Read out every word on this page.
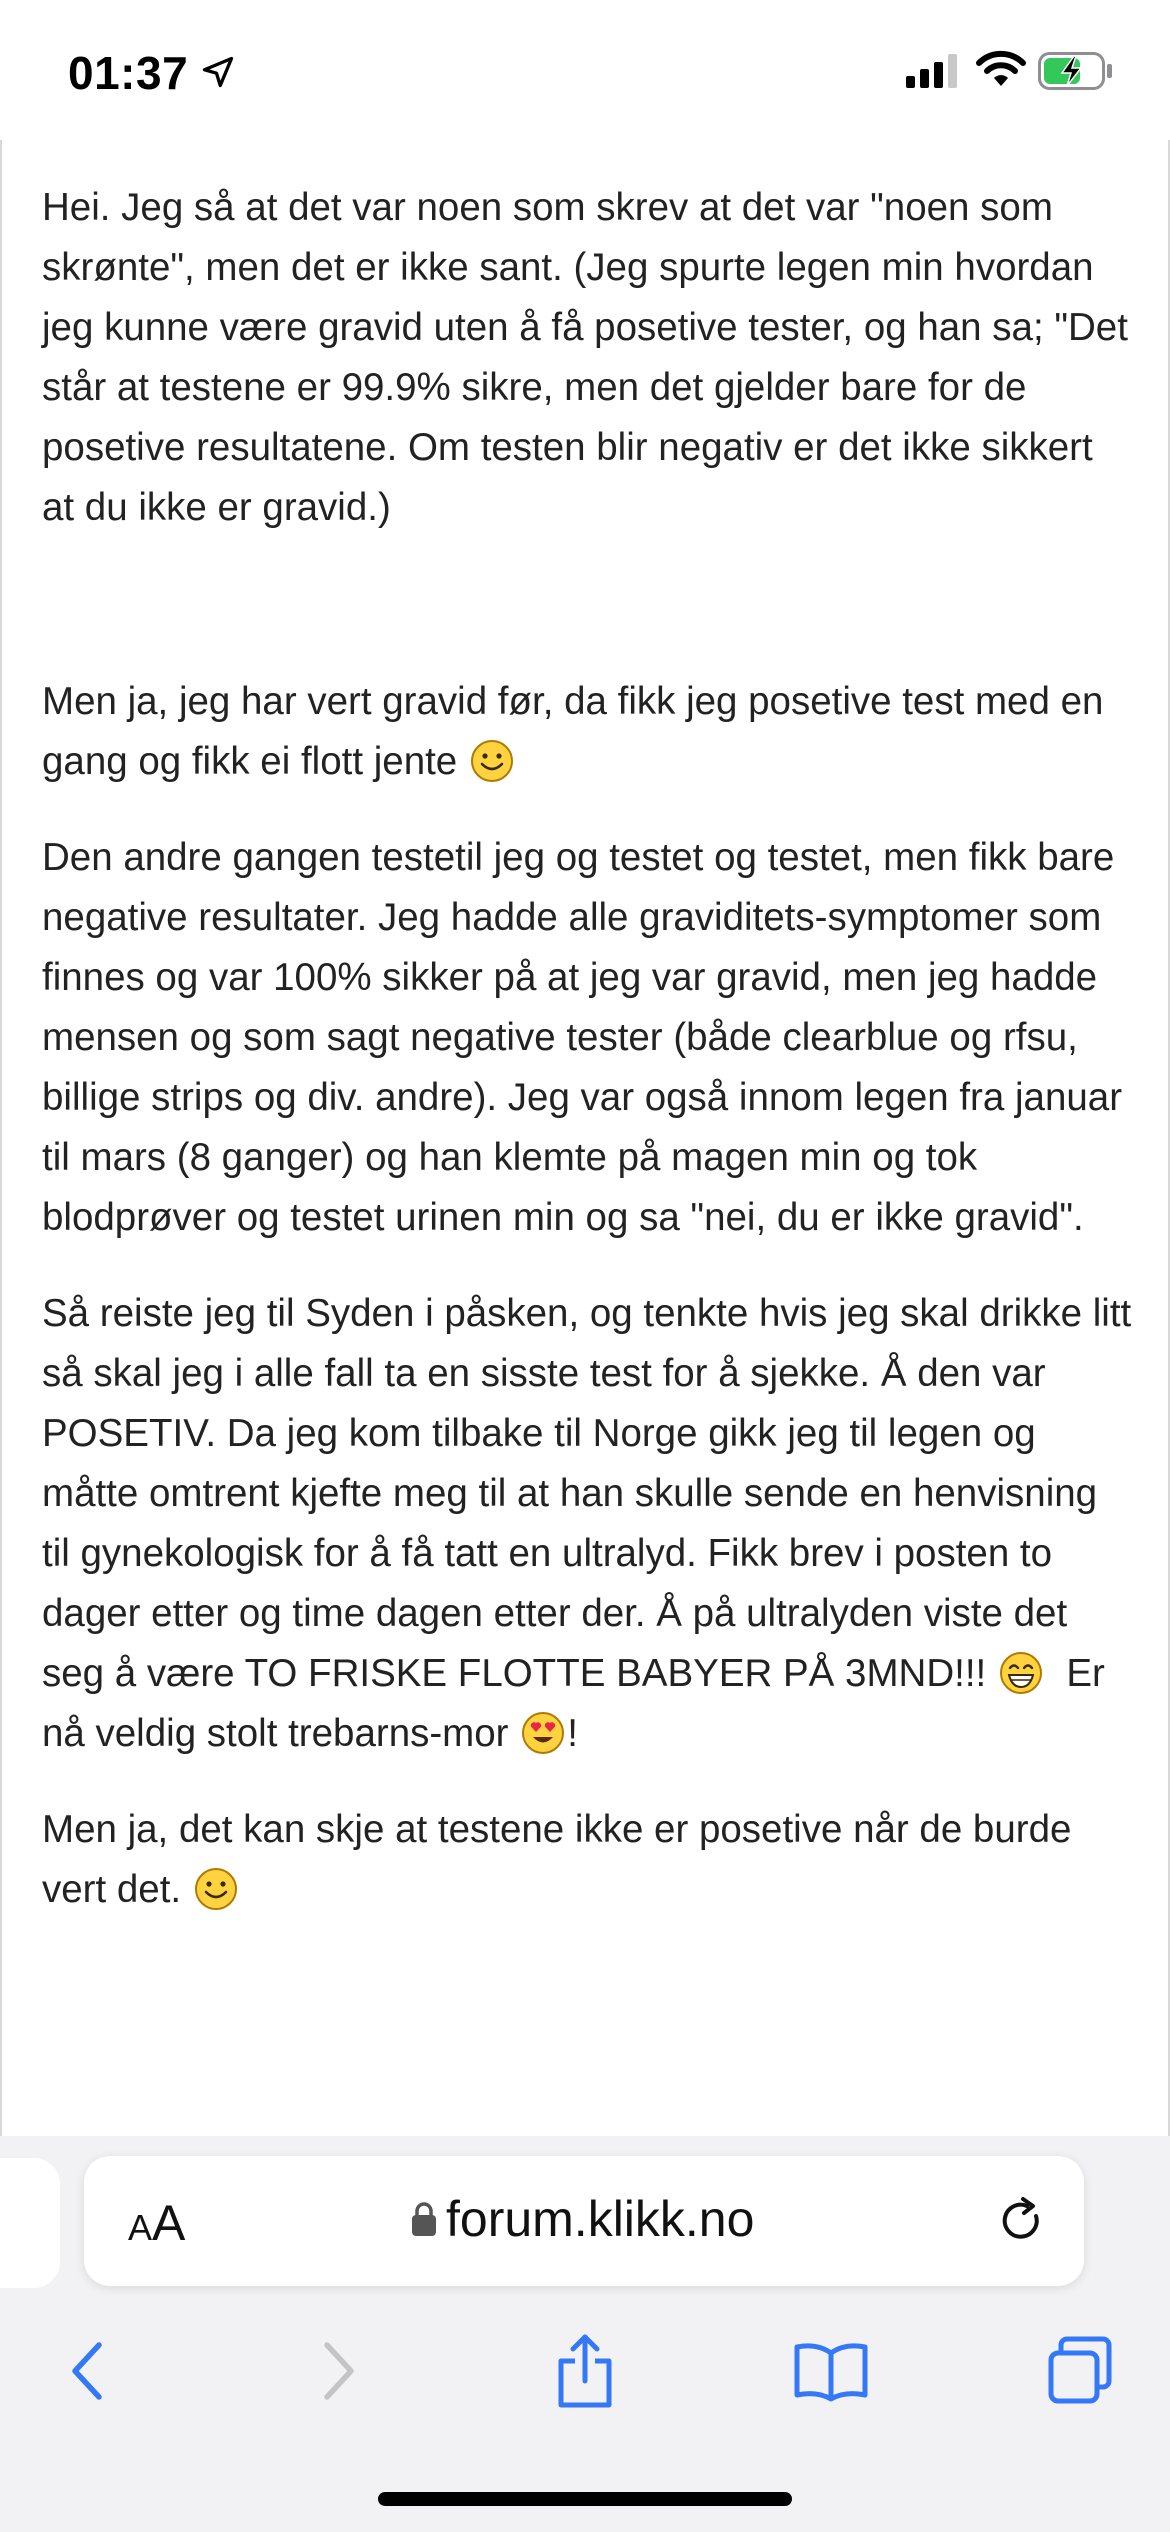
01:37

Hei. Jeg så at det var noen som skrev at det var "noen som skrønte", men det er ikke sant. (Jeg spurte legen min hvordan jeg kunne være gravid uten å få posetive tester, og han sa; "Det står at testene er 99.9% sikre, men det gjelder bare for de posetive resultatene. Om testen blir negativ er det ikke sikkert at du ikke er gravid.)

Men ja, jeg har vert gravid før, da fikk jeg posetive test med en gang og fikk ei flott jente

Den andre gangen testetil jeg og testet og testet, men fikk bare negative resultater. Jeg hadde alle graviditets-symptomer som finnes og var 100% sikker på at jeg var gravid, men jeg hadde mensen og som sagt negative tester (både clearblue og rfsu, billige strips og div. andre). Jeg var også innom legen fra januar til mars (8 ganger) og han klemte på magen min og tok blodprøver og testet urinen min og sa "nei, du er ikke gravid".

Så reiste jeg til Syden i påsken, og tenkte hvis jeg skal drikke litt så skal jeg i alle fall ta en sisste test for å sjekke. Å den var POSETIV. Da jeg kom tilbake til Norge gikk jeg til legen og måtte omtrent kjefte meg til at han skulle sende en henvisning til gynekologisk for å få tatt en ultralyd. Fikk brev i posten to dager etter og time dagen etter der. Å på ultralyden viste det seg å være TO FRISKE FLOTTE BABYER PÅ 3MND!!! Er nå veldig stolt trebarns-mor !

Men ja, det kan skje at testene ikke er posetive når de burde vert det.

AA	forum.klikk.no
